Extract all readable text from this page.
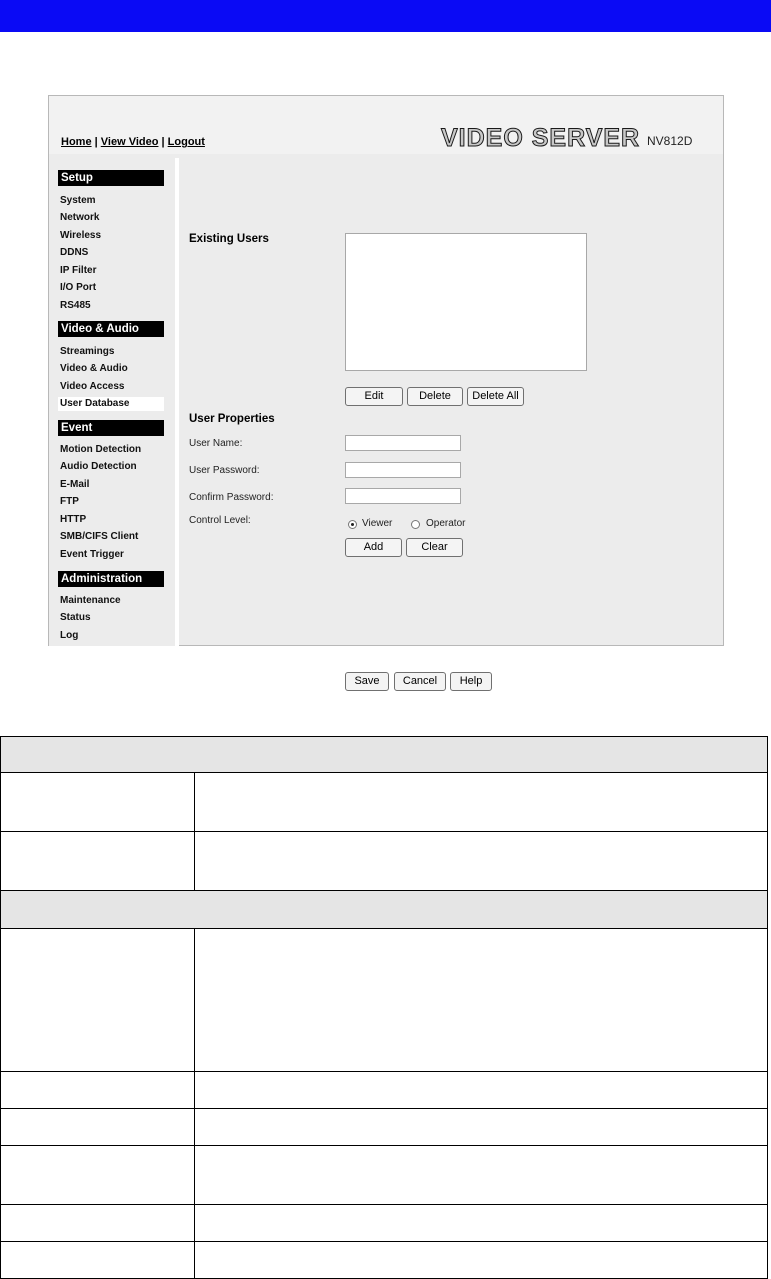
Home | View Video | Logout	VIDEO SERVER NV812D
Setup
System
Network
Wireless
DDNS
IP Filter
I/O Port
RS485
Video & Audio
Streamings
Video & Audio
Video Access
User Database
Event
Motion Detection
Audio Detection
E-Mail
FTP
HTTP
SMB/CIFS Client
Event Trigger
Administration
Maintenance
Status
Log
Existing Users
Edit	Delete	Delete All
User Properties
User Name:
User Password:
Confirm Password:
Control Level:	Viewer	Operator
Add	Clear
Save	Cancel	Help
